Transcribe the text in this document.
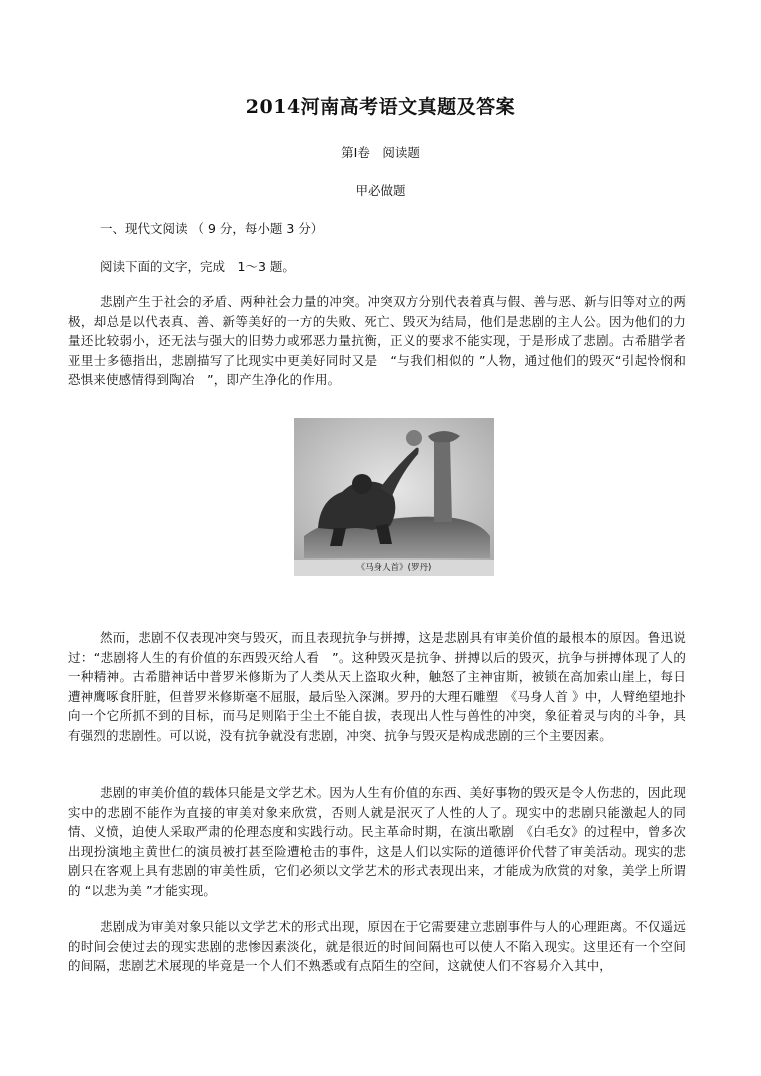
2014河南高考语文真题及答案
第Ⅰ卷　阅读题
甲必做题
一、现代文阅读 （ 9 分，每小题 3 分）
阅读下面的文字，完成　1～3 题。
悲剧产生于社会的矛盾、两种社会力量的冲突。冲突双方分别代表着真与假、善与恶、新与旧等对立的两极，却总是以代表真、善、新等美好的一方的失败、死亡、毁灭为结局，他们是悲剧的主人公。因为他们的力量还比较弱小，还无法与强大的旧势力或邪恶力量抗衡，正义的要求不能实现，于是形成了悲剧。古希腊学者亚里士多德指出，悲剧描写了比现实中更美好同时又是　“与我们相似的 ”人物，通过他们的毁灭“引起怜悯和恐惧来使感情得到陶冶　”，即产生净化的作用。
《马身人首》(罗丹)
然而，悲剧不仅表现冲突与毁灭，而且表现抗争与拼搏，这是悲剧具有审美价值的最根本的原因。鲁迅说过：“悲剧将人生的有价值的东西毁灭给人看　”。这种毁灭是抗争、拼搏以后的毁灭，抗争与拼搏体现了人的一种精神。古希腊神话中普罗米修斯为了人类从天上盗取火种，触怒了主神宙斯，被锁在高加索山崖上，每日遭神鹰啄食肝脏，但普罗米修斯毫不屈服，最后坠入深渊。罗丹的大理石雕塑　《马身人首 》中，人臂绝望地扑向一个它所抓不到的目标，而马足则陷于尘土不能自拔，表现出人性与兽性的冲突，象征着灵与肉的斗争，具有强烈的悲剧性。可以说，没有抗争就没有悲剧，冲突、抗争与毁灭是构成悲剧的三个主要因素。
悲剧的审美价值的载体只能是文学艺术。因为人生有价值的东西、美好事物的毁灭是令人伤悲的，因此现实中的悲剧不能作为直接的审美对象来欣赏，否则人就是泯灭了人性的人了。现实中的悲剧只能激起人的同情、义愤，迫使人采取严肃的伦理态度和实践行动。民主革命时期，在演出歌剧　《白毛女》的过程中，曾多次出现扮演地主黄世仁的演员被打甚至险遭枪击的事件，这是人们以实际的道德评价代替了审美活动。现实的悲剧只在客观上具有悲剧的审美性质，它们必须以文学艺术的形式表现出来，才能成为欣赏的对象，美学上所谓的 “以悲为美 ”才能实现。
悲剧成为审美对象只能以文学艺术的形式出现，原因在于它需要建立悲剧事件与人的心理距离。不仅遥远的时间会使过去的现实悲剧的悲惨因素淡化，就是很近的时间间隔也可以使人不陷入现实。这里还有一个空间的间隔，悲剧艺术展现的毕竟是一个人们不熟悉或有点陌生的空间，这就使人们不容易介入其中，
